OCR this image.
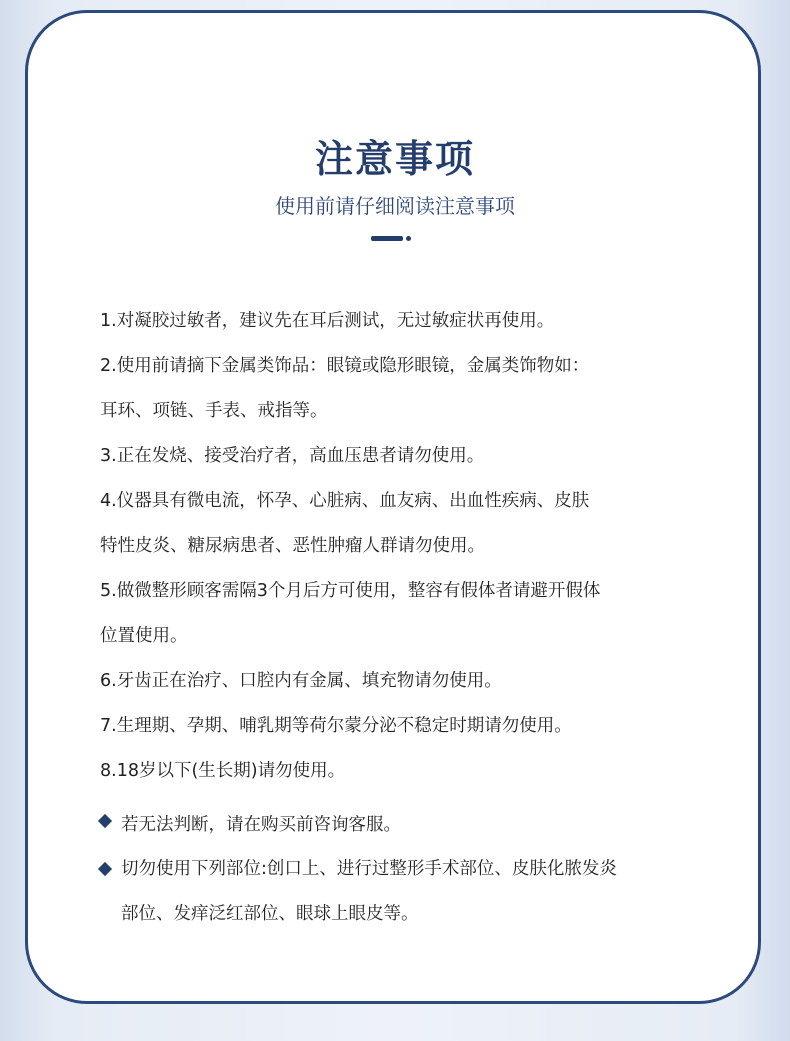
注意事项
使用前请仔细阅读注意事项
1.对凝胶过敏者，建议先在耳后测试，无过敏症状再使用。
2.使用前请摘下金属类饰品：眼镜或隐形眼镜，金属类饰物如：
耳环、项链、手表、戒指等。
3.正在发烧、接受治疗者，高血压患者请勿使用。
4.仪器具有微电流，怀孕、心脏病、血友病、出血性疾病、皮肤
特性皮炎、糖尿病患者、恶性肿瘤人群请勿使用。
5.做微整形顾客需隔3个月后方可使用，整容有假体者请避开假体
位置使用。
6.牙齿正在治疗、口腔内有金属、填充物请勿使用。
7.生理期、孕期、哺乳期等荷尔蒙分泌不稳定时期请勿使用。
8.18岁以下(生长期)请勿使用。
若无法判断，请在购买前咨询客服。
切勿使用下列部位:创口上、进行过整形手术部位、皮肤化脓发炎
部位、发痒泛红部位、眼球上眼皮等。
